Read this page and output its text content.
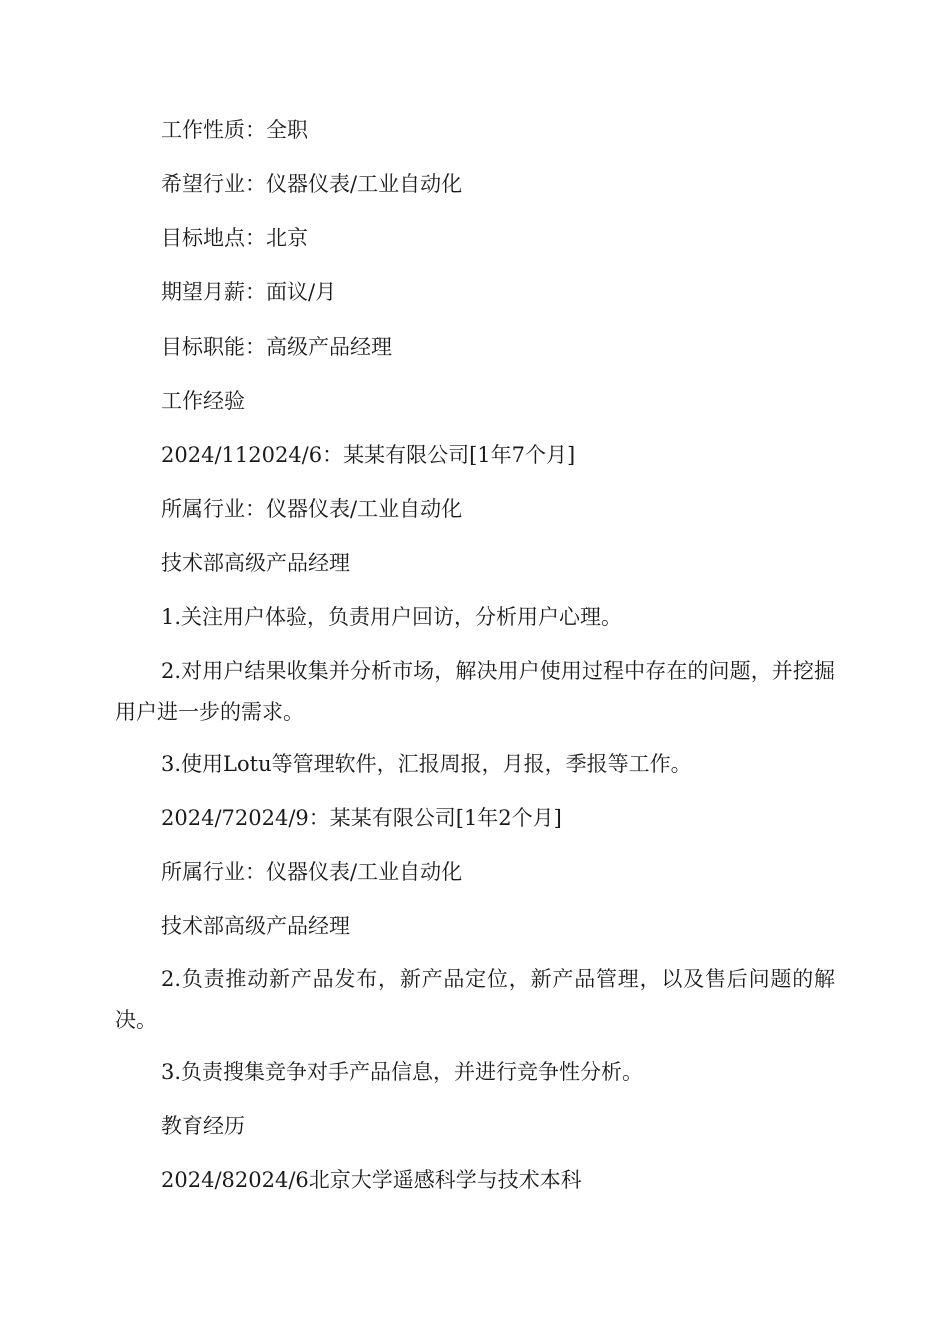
工作性质：全职
希望行业：仪器仪表/工业自动化
目标地点：北京
期望月薪：面议/月
目标职能：高级产品经理
工作经验
2024/112024/6：某某有限公司[1年7个月]
所属行业：仪器仪表/工业自动化
技术部高级产品经理
1.关注用户体验，负责用户回访，分析用户心理。
2.对用户结果收集并分析市场，解决用户使用过程中存在的问题，并挖掘用户进一步的需求。
3.使用Lotu等管理软件，汇报周报，月报，季报等工作。
2024/72024/9：某某有限公司[1年2个月]
所属行业：仪器仪表/工业自动化
技术部高级产品经理
2.负责推动新产品发布，新产品定位，新产品管理，以及售后问题的解决。
3.负责搜集竞争对手产品信息，并进行竞争性分析。
教育经历
2024/82024/6北京大学遥感科学与技术本科
